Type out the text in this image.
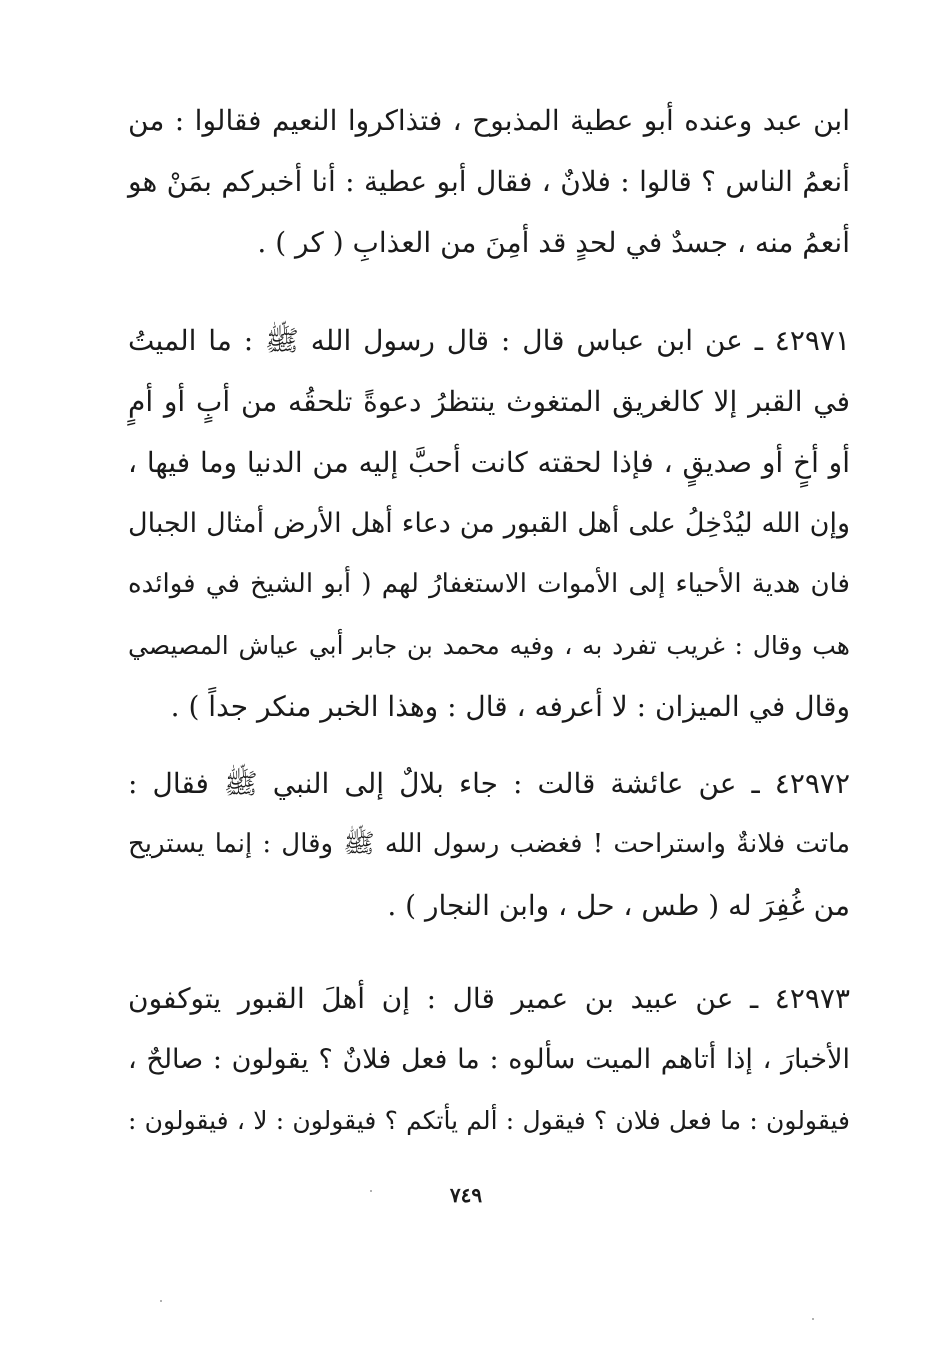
ابن عبد وعنده أبو عطية المذبوح ، فتذاكروا النعيم فقالوا : من
أنعمُ الناس ؟ قالوا : فلانٌ ، فقال أبو عطية : أنا أخبركم بمَنْ هو
أنعمُ منه ، جسدٌ في لحدٍ قد أمِنَ من العذابِ ( كر ) .
٤٢٩٧١ ـ عن ابن عباس قال : قال رسول الله ﷺ : ما الميتُ
في القبر إلا كالغريق المتغوث ينتظرُ دعوةً تلحقُه من أبٍ أو أمٍ
أو أخٍ أو صديقٍ ، فإذا لحقته كانت أحبَّ إليه من الدنيا وما فيها ،
وإن الله ليُدْخِلُ على أهل القبور من دعاء أهل الأرض أمثال الجبال
فان هدية الأحياء إلى الأموات الاستغفارُ لهم ( أبو الشيخ في فوائده
هب وقال : غريب تفرد به ، وفيه محمد بن جابر أبي عياش المصيصي
وقال في الميزان : لا أعرفه ، قال : وهذا الخبر منكر جداً ) .
٤٢٩٧٢ ـ عن عائشة قالت : جاء بلالٌ إلى النبي ﷺ فقال :
ماتت فلانةٌ واستراحت ! فغضب رسول الله ﷺ وقال : إنما يستريح
من غُفِرَ له ( طس ، حل ، وابن النجار ) .
٤٢٩٧٣ ـ عن عبيد بن عمير قال : إن أهلَ القبور يتوكفون
الأخبارَ ، إذا أتاهم الميت سألوه : ما فعل فلانٌ ؟ يقولون : صالحٌ ،
فيقولون : ما فعل فلان ؟ فيقول : ألم يأتكم ؟ فيقولون : لا ، فيقولون :
٧٤٩
